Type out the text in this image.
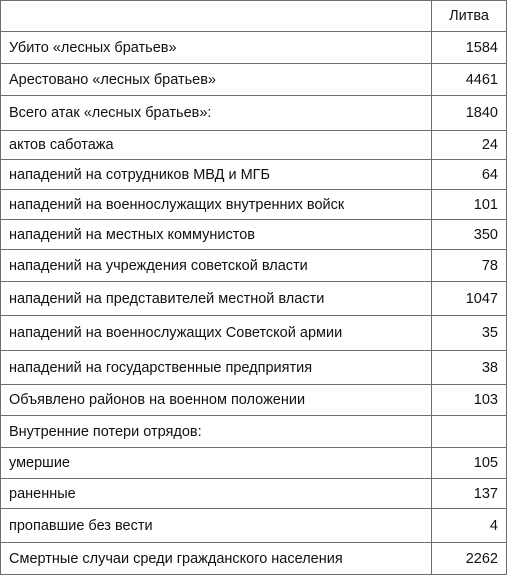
	Литва
Убито «лесных братьев»	1584
Арестовано «лесных братьев»	4461
Всего атак «лесных братьев»:	1840
актов саботажа	24
нападений на сотрудников МВД и МГБ	64
нападений на военнослужащих внутренних войск	101
нападений на местных коммунистов	350
нападений на учреждения советской власти	78
нападений на представителей местной власти	1047
нападений на военнослужащих Советской армии	35
нападений на государственные предприятия	38
Объявлено районов на военном положении	103
Внутренние потери отрядов:	
умершие	105
раненные	137
пропавшие без вести	4
Смертные случаи среди гражданского населения	2262
